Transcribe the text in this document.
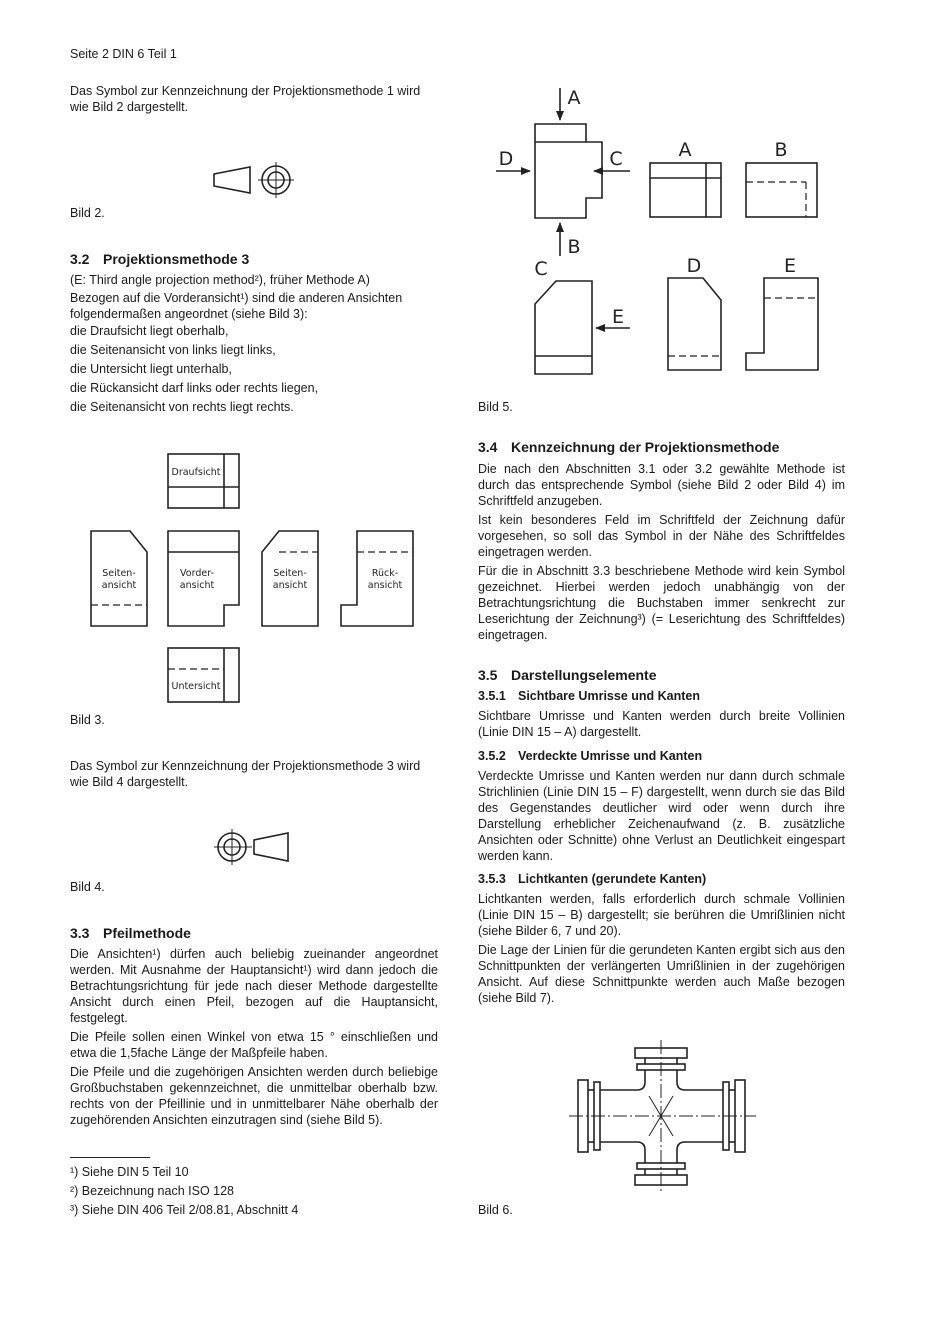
Seite 2 DIN 6 Teil 1

Das Symbol zur Kennzeichnung der Projektionsmethode 1 wird wie Bild 2 dargestellt.

Bild 2.
3.2 Projektionsmethode 3

(E: Third angle projection method²), früher Methode A)

Bezogen auf die Vorderansicht¹) sind die anderen Ansichten folgendermaßen angeordnet (siehe Bild 3):

die Draufsicht liegt oberhalb,

die Seitenansicht von links liegt links,

die Untersicht liegt unterhalb,

die Rückansicht darf links oder rechts liegen,

die Seitenansicht von rechts liegt rechts.

Draufsicht
Seiten-
ansicht
Vorder-
ansicht
Seiten-
ansicht
Rück-
ansicht
Untersicht
Bild 3.

Das Symbol zur Kennzeichnung der Projektionsmethode 3 wird wie Bild 4 dargestellt.

Bild 4.
3.3 Pfeilmethode

Die Ansichten¹) dürfen auch beliebig zueinander angeordnet werden. Mit Ausnahme der Hauptansicht¹) wird dann jedoch die Betrachtungsrichtung für jede nach dieser Methode dargestellte Ansicht durch einen Pfeil, bezogen auf die Hauptansicht, festgelegt.

Die Pfeile sollen einen Winkel von etwa 15 ° einschließen und etwa die 1,5fache Länge der Maßpfeile haben.

Die Pfeile und die zugehörigen Ansichten werden durch beliebige Großbuchstaben gekennzeichnet, die unmittelbar oberhalb bzw. rechts von der Pfeillinie und in unmittelbarer Nähe oberhalb der zugehörenden Ansichten einzutragen sind (siehe Bild 5).

¹) Siehe DIN 5 Teil 10
²) Bezeichnung nach ISO 128
³) Siehe DIN 406 Teil 2/08.81, Abschnitt 4
A
D	C	A	B
B
C	D	E
E
Bild 5.
3.4 Kennzeichnung der Projektionsmethode

Die nach den Abschnitten 3.1 oder 3.2 gewählte Methode ist durch das entsprechende Symbol (siehe Bild 2 oder Bild 4) im Schriftfeld anzugeben.

Ist kein besonderes Feld im Schriftfeld der Zeichnung dafür vorgesehen, so soll das Symbol in der Nähe des Schriftfeldes eingetragen werden.

Für die in Abschnitt 3.3 beschriebene Methode wird kein Symbol gezeichnet. Hierbei werden jedoch unabhängig von der Betrachtungsrichtung die Buchstaben immer senkrecht zur Leserichtung der Zeichnung³) (= Leserichtung des Schriftfeldes) eingetragen.

3.5 Darstellungselemente
3.5.1 Sichtbare Umrisse und Kanten

Sichtbare Umrisse und Kanten werden durch breite Vollinien (Linie DIN 15 – A) dargestellt.

3.5.2 Verdeckte Umrisse und Kanten

Verdeckte Umrisse und Kanten werden nur dann durch schmale Strichlinien (Linie DIN 15 – F) dargestellt, wenn durch sie das Bild des Gegenstandes deutlicher wird oder wenn durch ihre Darstellung erheblicher Zeichenaufwand (z. B. zusätzliche Ansichten oder Schnitte) ohne Verlust an Deutlichkeit eingespart werden kann.

3.5.3 Lichtkanten (gerundete Kanten)

Lichtkanten werden, falls erforderlich durch schmale Vollinien (Linie DIN 15 – B) dargestellt; sie berühren die Umrißlinien nicht (siehe Bilder 6, 7 und 20).

Die Lage der Linien für die gerundeten Kanten ergibt sich aus den Schnittpunkten der verlängerten Umrißlinien in der zugehörigen Ansicht. Auf diese Schnittpunkte werden auch Maße bezogen (siehe Bild 7).

Bild 6.
